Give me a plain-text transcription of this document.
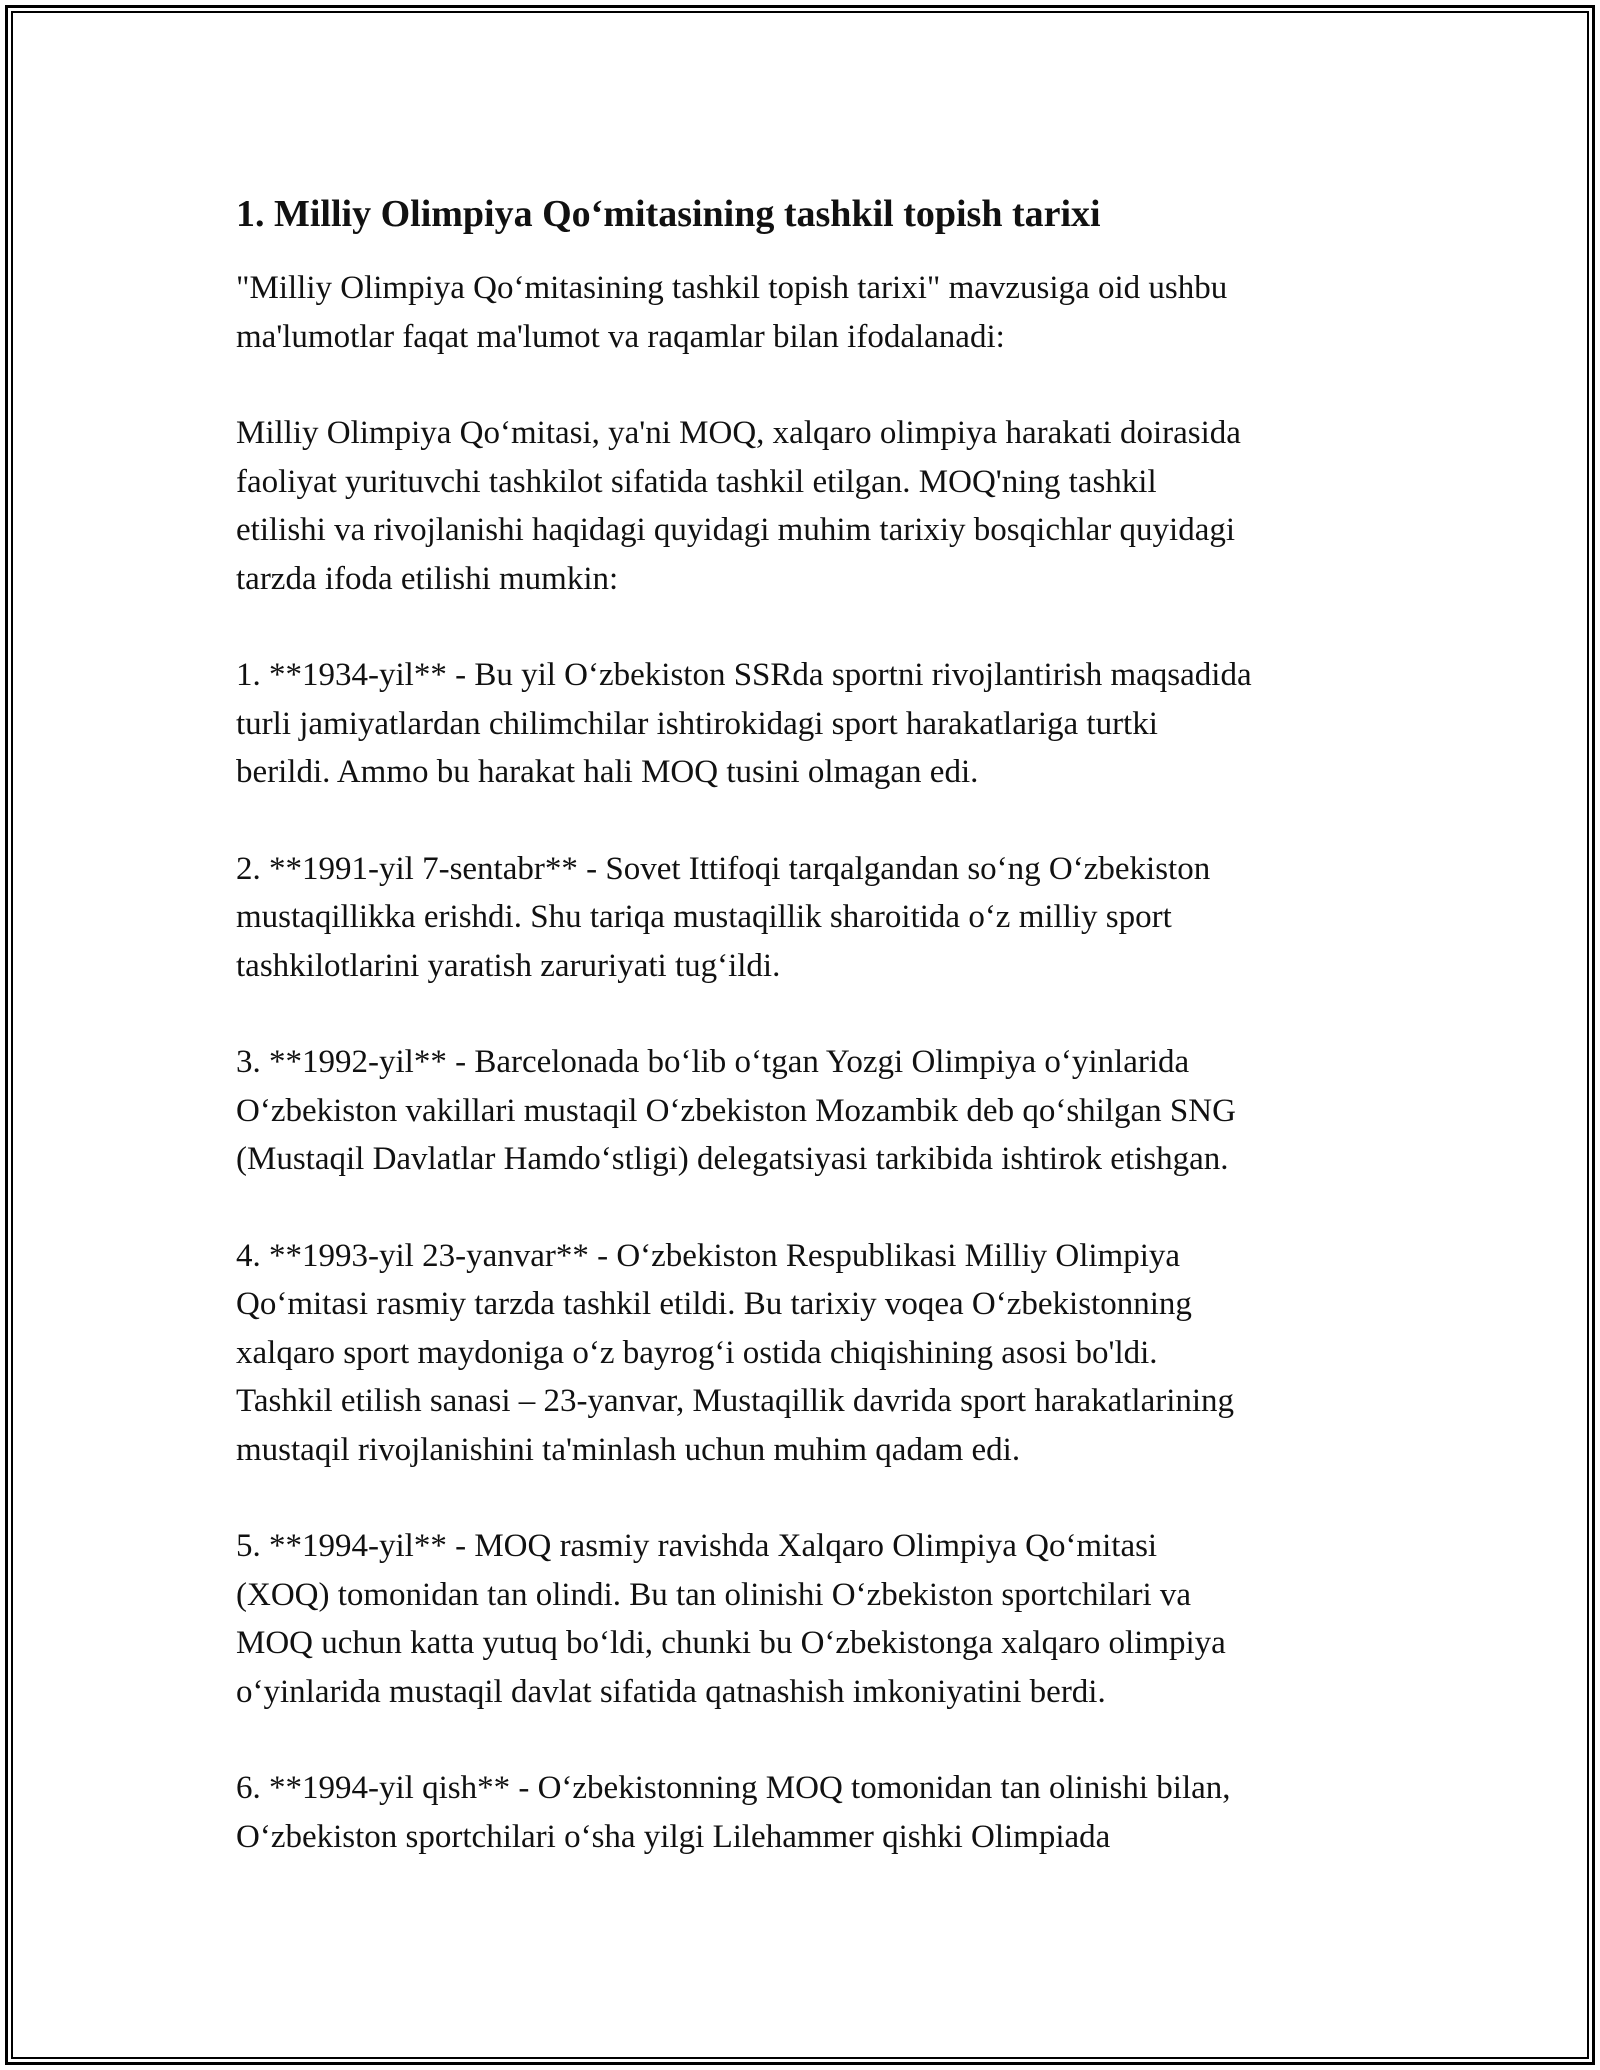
1. Milliy Olimpiya Qo‘mitasining tashkil topish tarixi

"Milliy Olimpiya Qo‘mitasining tashkil topish tarixi" mavzusiga oid ushbu
ma'lumotlar faqat ma'lumot va raqamlar bilan ifodalanadi:

Milliy Olimpiya Qo‘mitasi, ya'ni MOQ, xalqaro olimpiya harakati doirasida
faoliyat yurituvchi tashkilot sifatida tashkil etilgan. MOQ'ning tashkil
etilishi va rivojlanishi haqidagi quyidagi muhim tarixiy bosqichlar quyidagi
tarzda ifoda etilishi mumkin:

1. **1934-yil** - Bu yil O‘zbekiston SSRda sportni rivojlantirish maqsadida
turli jamiyatlardan chilimchilar ishtirokidagi sport harakatlariga turtki
berildi. Ammo bu harakat hali MOQ tusini olmagan edi.

2. **1991-yil 7-sentabr** - Sovet Ittifoqi tarqalgandan so‘ng O‘zbekiston
mustaqillikka erishdi. Shu tariqa mustaqillik sharoitida o‘z milliy sport
tashkilotlarini yaratish zaruriyati tug‘ildi.

3. **1992-yil** - Barcelonada bo‘lib o‘tgan Yozgi Olimpiya o‘yinlarida
O‘zbekiston vakillari mustaqil O‘zbekiston Mozambik deb qo‘shilgan SNG
(Mustaqil Davlatlar Hamdo‘stligi) delegatsiyasi tarkibida ishtirok etishgan.

4. **1993-yil 23-yanvar** - O‘zbekiston Respublikasi Milliy Olimpiya
Qo‘mitasi rasmiy tarzda tashkil etildi. Bu tarixiy voqea O‘zbekistonning
xalqaro sport maydoniga o‘z bayrog‘i ostida chiqishining asosi bo'ldi.
Tashkil etilish sanasi – 23-yanvar, Mustaqillik davrida sport harakatlarining
mustaqil rivojlanishini ta'minlash uchun muhim qadam edi.

5. **1994-yil** - MOQ rasmiy ravishda Xalqaro Olimpiya Qo‘mitasi
(XOQ) tomonidan tan olindi. Bu tan olinishi O‘zbekiston sportchilari va
MOQ uchun katta yutuq bo‘ldi, chunki bu O‘zbekistonga xalqaro olimpiya
o‘yinlarida mustaqil davlat sifatida qatnashish imkoniyatini berdi.

6. **1994-yil qish** - O‘zbekistonning MOQ tomonidan tan olinishi bilan,
O‘zbekiston sportchilari o‘sha yilgi Lilehammer qishki Olimpiada
